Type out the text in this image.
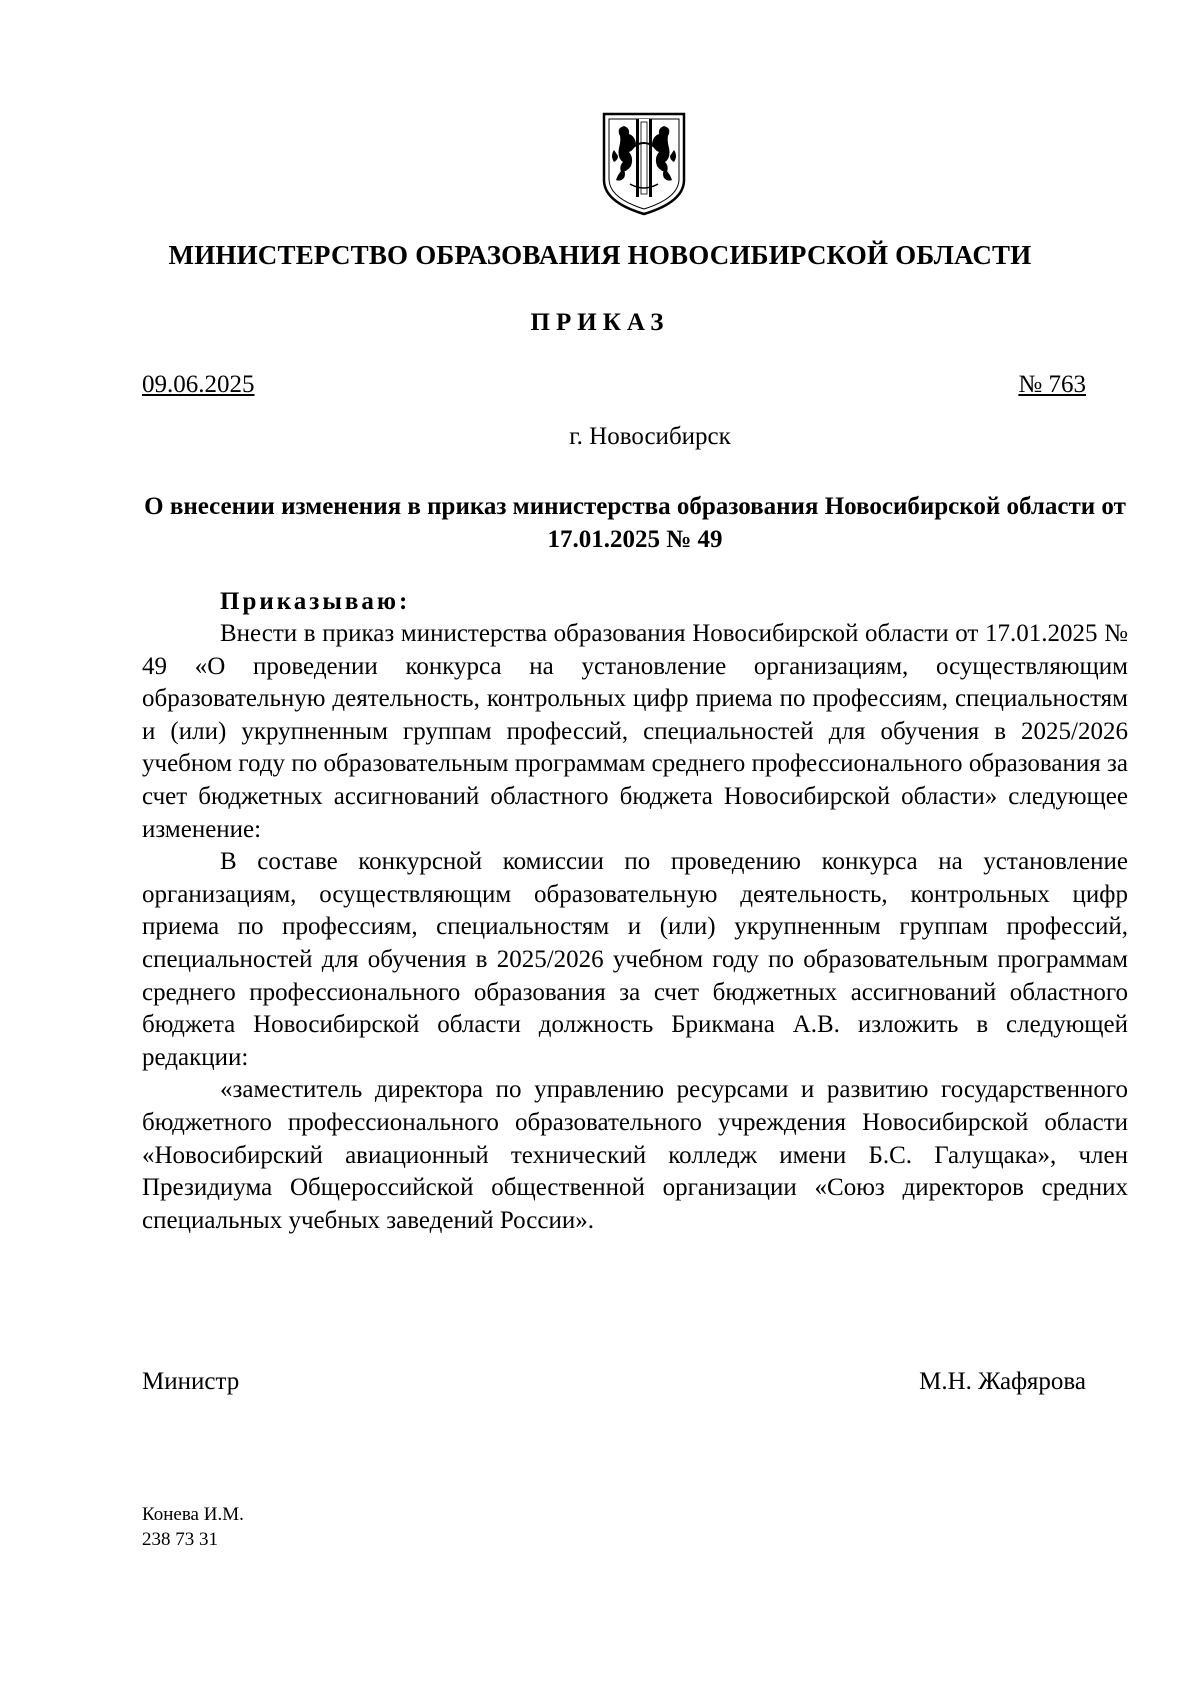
МИНИСТЕРСТВО ОБРАЗОВАНИЯ НОВОСИБИРСКОЙ ОБЛАСТИ
ПРИКАЗ
09.06.2025	№ 763
г. Новосибирск
О внесении изменения в приказ министерства образования Новосибирской области от 17.01.2025 № 49
Приказываю:

Внести в приказ министерства образования Новосибирской области от 17.01.2025 № 49 «О проведении конкурса на установление организациям, осуществляющим образовательную деятельность, контрольных цифр приема по профессиям, специальностям и (или) укрупненным группам профессий, специальностей для обучения в 2025/2026 учебном году по образовательным программам среднего профессионального образования за счет бюджетных ассигнований областного бюджета Новосибирской области» следующее изменение:

В составе конкурсной комиссии по проведению конкурса на установление организациям, осуществляющим образовательную деятельность, контрольных цифр приема по профессиям, специальностям и (или) укрупненным группам профессий, специальностей для обучения в 2025/2026 учебном году по образовательным программам среднего профессионального образования за счет бюджетных ассигнований областного бюджета Новосибирской области должность Брикмана А.В. изложить в следующей редакции:

«заместитель директора по управлению ресурсами и развитию государственного бюджетного профессионального образовательного учреждения Новосибирской области «Новосибирский авиационный технический колледж имени Б.С. Галущака», член Президиума Общероссийской общественной организации «Союз директоров средних специальных учебных заведений России».

Министр	М.Н. Жафярова
Конева И.М.
238 73 31
